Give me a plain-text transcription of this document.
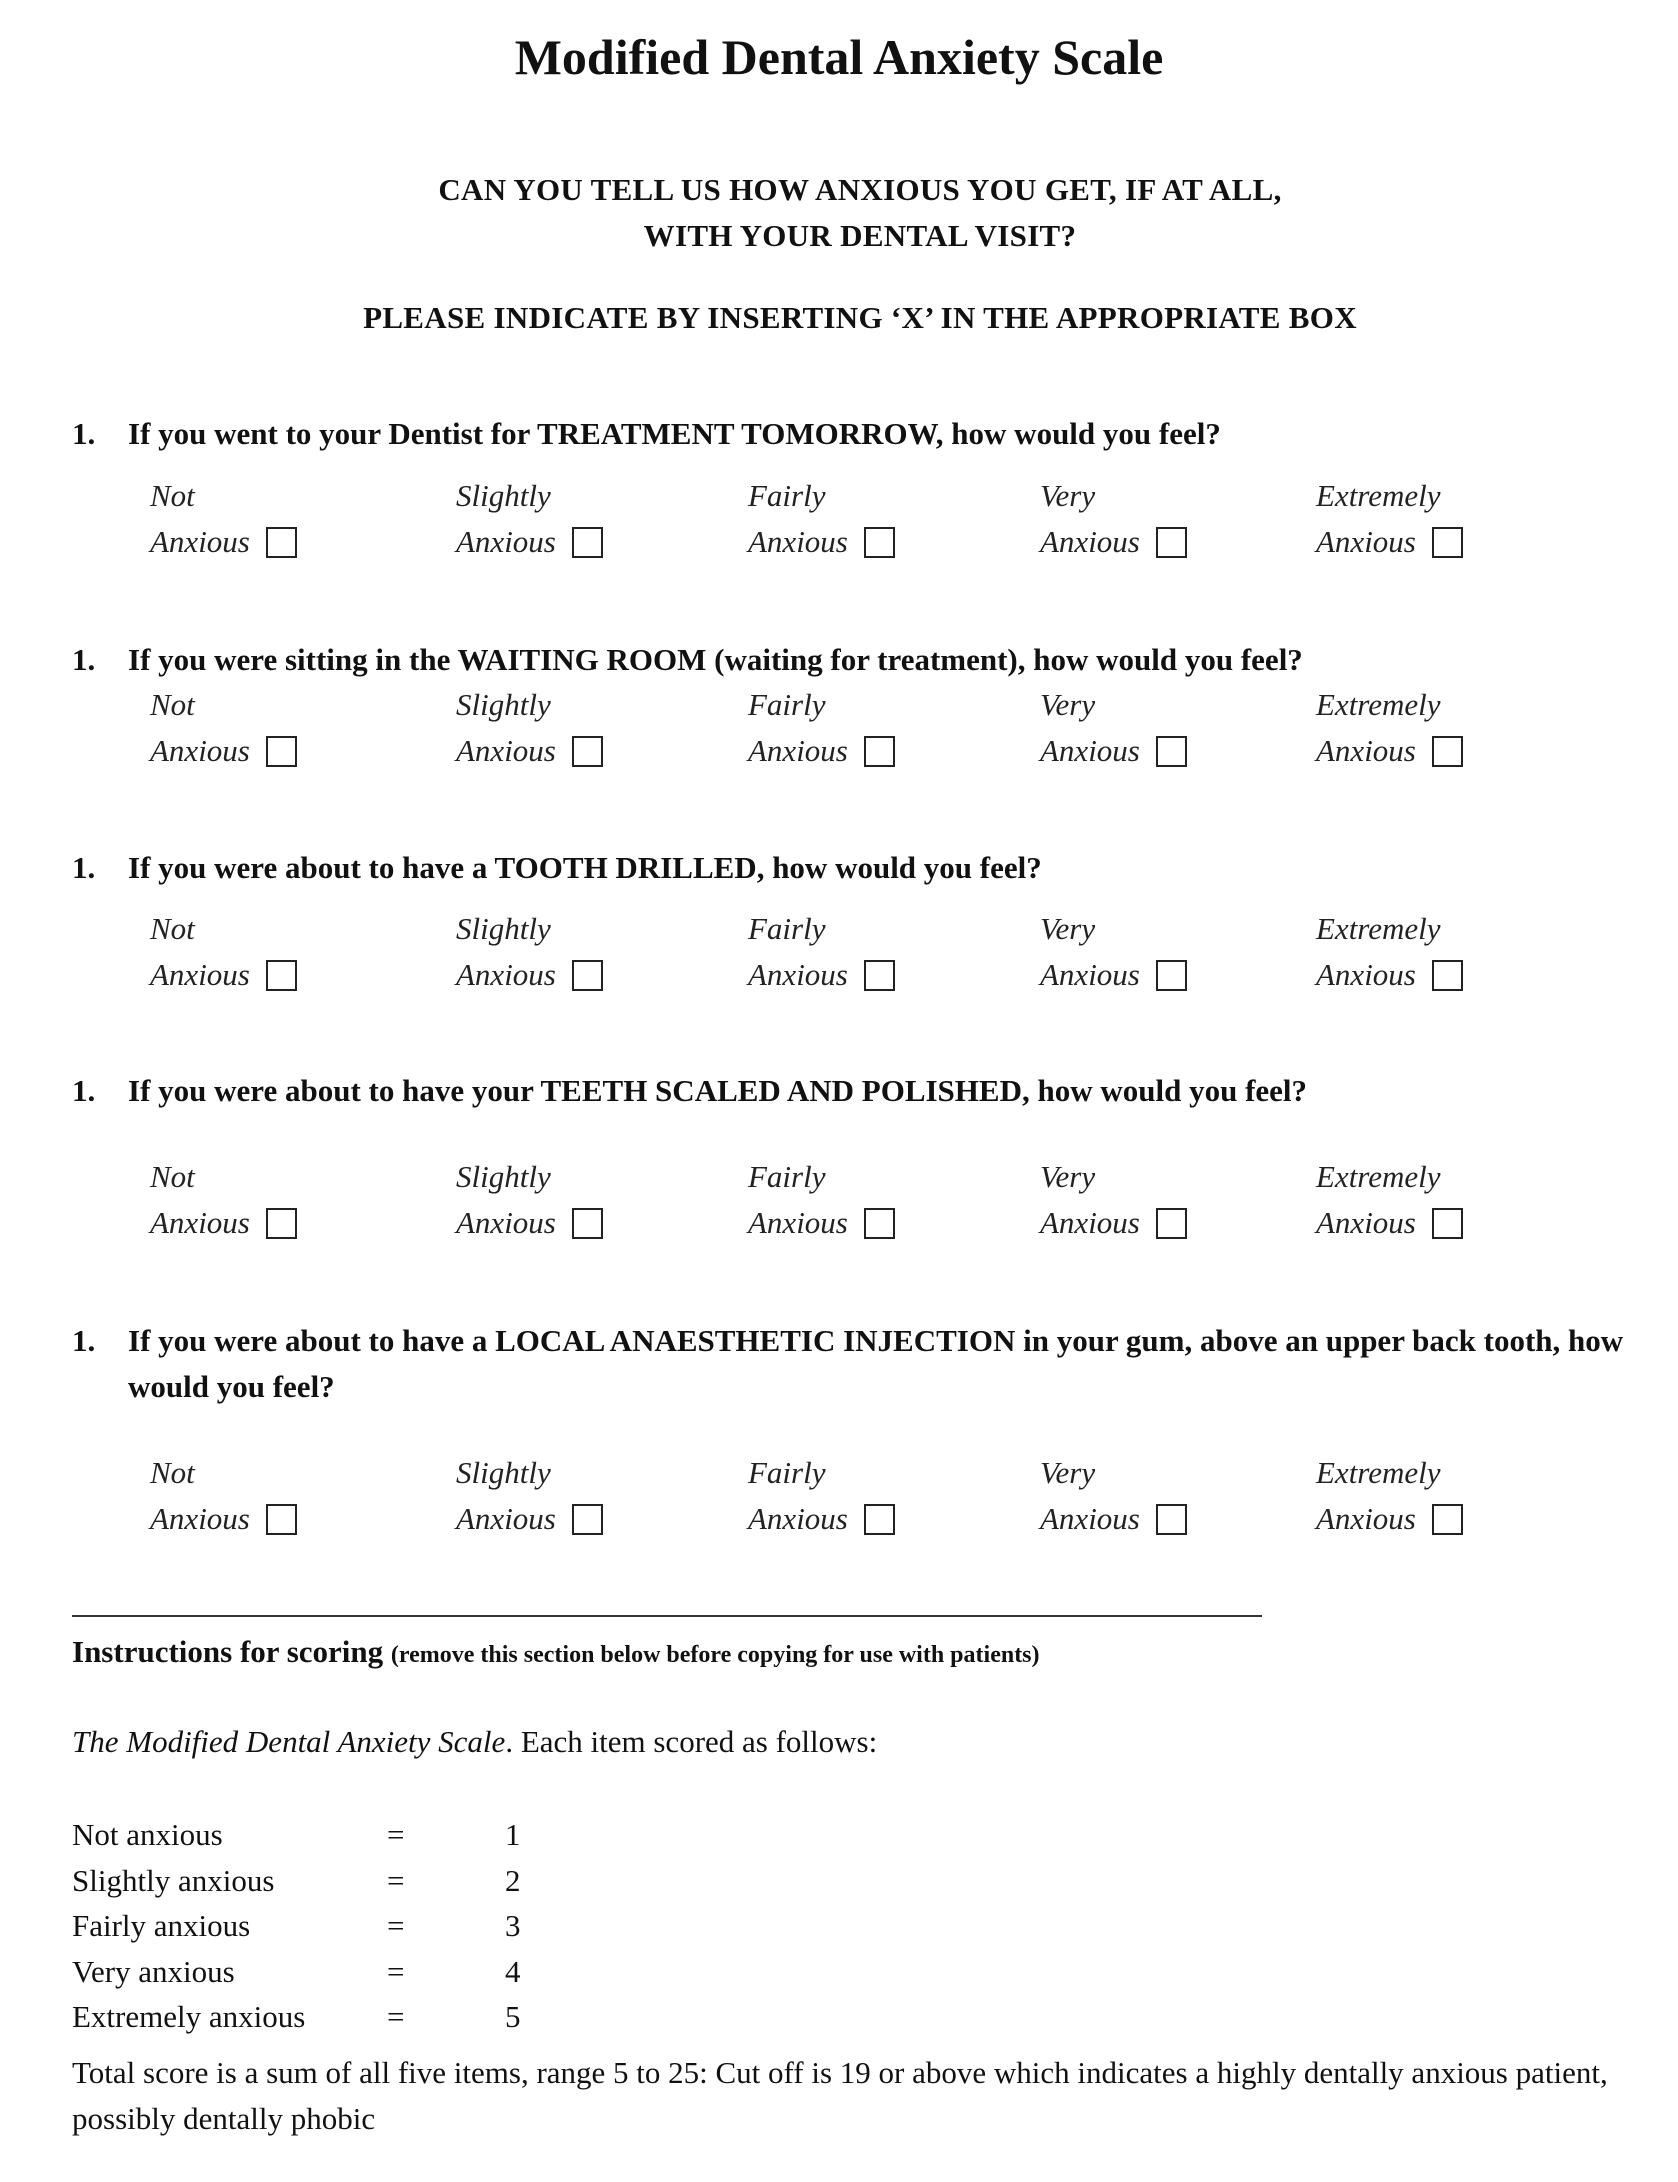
Modified Dental Anxiety Scale
CAN YOU TELL US HOW ANXIOUS YOU GET, IF AT ALL,
WITH YOUR DENTAL VISIT?
PLEASE INDICATE BY INSERTING ‘X’ IN THE APPROPRIATE BOX
1.	If you went to your Dentist for TREATMENT TOMORROW, how would you feel?
Not
Anxious
Slightly
Anxious
Fairly
Anxious
Very
Anxious
Extremely
Anxious
1.	If you were sitting in the WAITING ROOM (waiting for treatment), how would you feel?
Not
Anxious
Slightly
Anxious
Fairly
Anxious
Very
Anxious
Extremely
Anxious
1.	If you were about to have a TOOTH DRILLED, how would you feel?
Not
Anxious
Slightly
Anxious
Fairly
Anxious
Very
Anxious
Extremely
Anxious
1.	If you were about to have your TEETH SCALED AND POLISHED, how would you feel?
Not
Anxious
Slightly
Anxious
Fairly
Anxious
Very
Anxious
Extremely
Anxious
1.	If you were about to have a LOCAL ANAESTHETIC INJECTION in your gum, above an upper back tooth, how would you feel?
Not
Anxious
Slightly
Anxious
Fairly
Anxious
Very
Anxious
Extremely
Anxious
Instructions for scoring (remove this section below before copying for use with patients)
The Modified Dental Anxiety Scale. Each item scored as follows:
Not anxious	=	1
Slightly anxious	=	2
Fairly anxious	=	3
Very anxious	=	4
Extremely anxious	=	5
Total score is a sum of all five items, range 5 to 25: Cut off is 19 or above which indicates a highly dentally anxious patient, possibly dentally phobic
